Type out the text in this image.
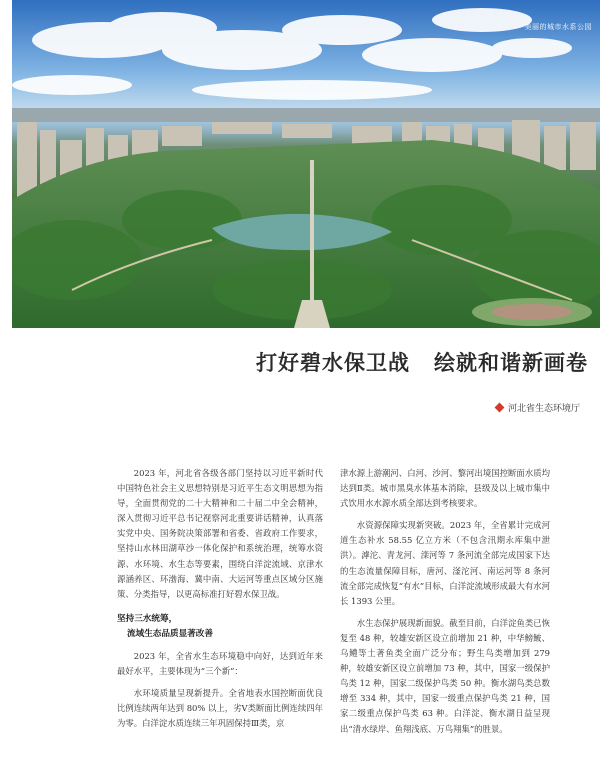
美丽的城市水系公园
打好碧水保卫战 绘就和谐新画卷
河北省生态环境厅

2023 年，河北省各级各部门坚持以习近平新时代中国特色社会主义思想特别是习近平生态文明思想为指导，全面贯彻党的二十大精神和二十届二中全会精神，深入贯彻习近平总书记视察河北重要讲话精神，认真落实党中央、国务院决策部署和省委、省政府工作要求，坚持山水林田湖草沙一体化保护和系统治理，统筹水资源、水环境、水生态等要素，围绕白洋淀流域、京津水源涵养区、环渤海、冀中南、大运河等重点区域分区施策、分类指导，以更高标准打好碧水保卫战。

坚持三水统筹，
流域生态品质显著改善

2023 年，全省水生态环境稳中向好，达到近年来最好水平，主要体现为“三个新”：

水环境质量呈现新提升。全省地表水国控断面优良比例连续两年达到 80% 以上，劣Ⅴ类断面比例连续四年为零。白洋淀水质连续三年巩固保持Ⅲ类，京

津水源上游潮河、白河、沙河、黎河出境国控断面水质均达到Ⅱ类。城市黑臭水体基本消除，县级及以上城市集中式饮用水水源水质全部达到考核要求。

水资源保障实现新突破。2023 年，全省累计完成河道生态补水 58.55 亿立方米（不包含汛期永库集中泄洪）。滹沱、青龙河、滦河等 7 条河流全部完成国家下达的生态流量保障目标，唐河、滏沱河、南运河等 8 条河流全部完成恢复“有水”目标，白洋淀流域形成最大有水河长 1393 公里。

水生态保护展现新面貌。截至目前，白洋淀鱼类已恢复至 48 种，较雄安新区设立前增加 21 种，中华鳑鲏、乌鳢等土著鱼类全面广泛分布；野生鸟类增加到 279 种，较雄安新区设立前增加 73 种，其中，国家一级保护鸟类 12 种，国家二级保护鸟类 50 种。衡水湖鸟类总数增至 334 种，其中，国家一级重点保护鸟类 21 种，国家二级重点保护鸟类 63 种。白洋淀、衡水湖日益呈现出“清水绿岸、鱼翔浅底、万鸟翔集”的胜景。
